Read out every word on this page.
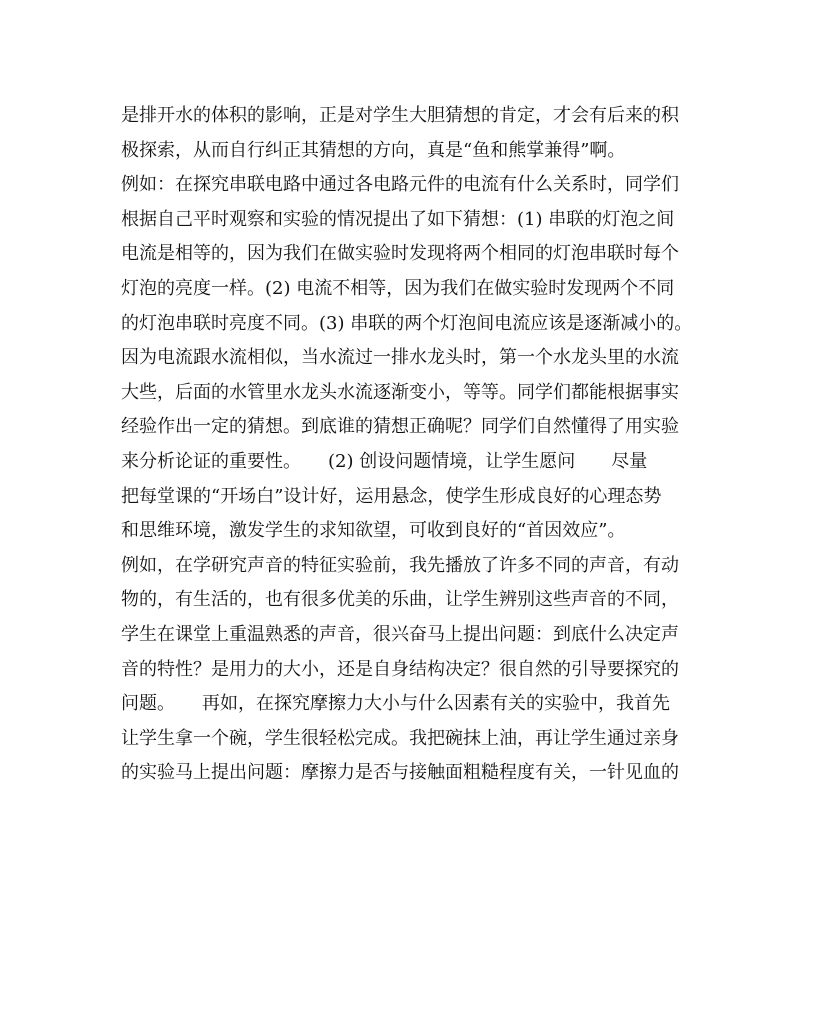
是排开水的体积的影响，正是对学生大胆猜想的肯定，才会有后来的积
极探索，从而自行纠正其猜想的方向，真是“鱼和熊掌兼得”啊。
例如：在探究串联电路中通过各电路元件的电流有什么关系时，同学们
根据自己平时观察和实验的情况提出了如下猜想：(1) 串联的灯泡之间
电流是相等的，因为我们在做实验时发现将两个相同的灯泡串联时每个
灯泡的亮度一样。(2) 电流不相等，因为我们在做实验时发现两个不同
的灯泡串联时亮度不同。(3) 串联的两个灯泡间电流应该是逐渐减小的。
因为电流跟水流相似，当水流过一排水龙头时，第一个水龙头里的水流
大些，后面的水管里水龙头水流逐渐变小，等等。同学们都能根据事实
经验作出一定的猜想。到底谁的猜想正确呢？同学们自然懂得了用实验
来分析论证的重要性。　　(2) 创设问题情境，让学生愿问　　尽量
把每堂课的“开场白”设计好，运用悬念，使学生形成良好的心理态势
和思维环境，激发学生的求知欲望，可收到良好的“首因效应”。
例如，在学研究声音的特征实验前，我先播放了许多不同的声音，有动
物的，有生活的，也有很多优美的乐曲，让学生辨别这些声音的不同，
学生在课堂上重温熟悉的声音，很兴奋马上提出问题：到底什么决定声
音的特性？是用力的大小，还是自身结构决定？很自然的引导要探究的
问题。　　再如，在探究摩擦力大小与什么因素有关的实验中，我首先
让学生拿一个碗，学生很轻松完成。我把碗抹上油，再让学生通过亲身
的实验马上提出问题：摩擦力是否与接触面粗糙程度有关，一针见血的
